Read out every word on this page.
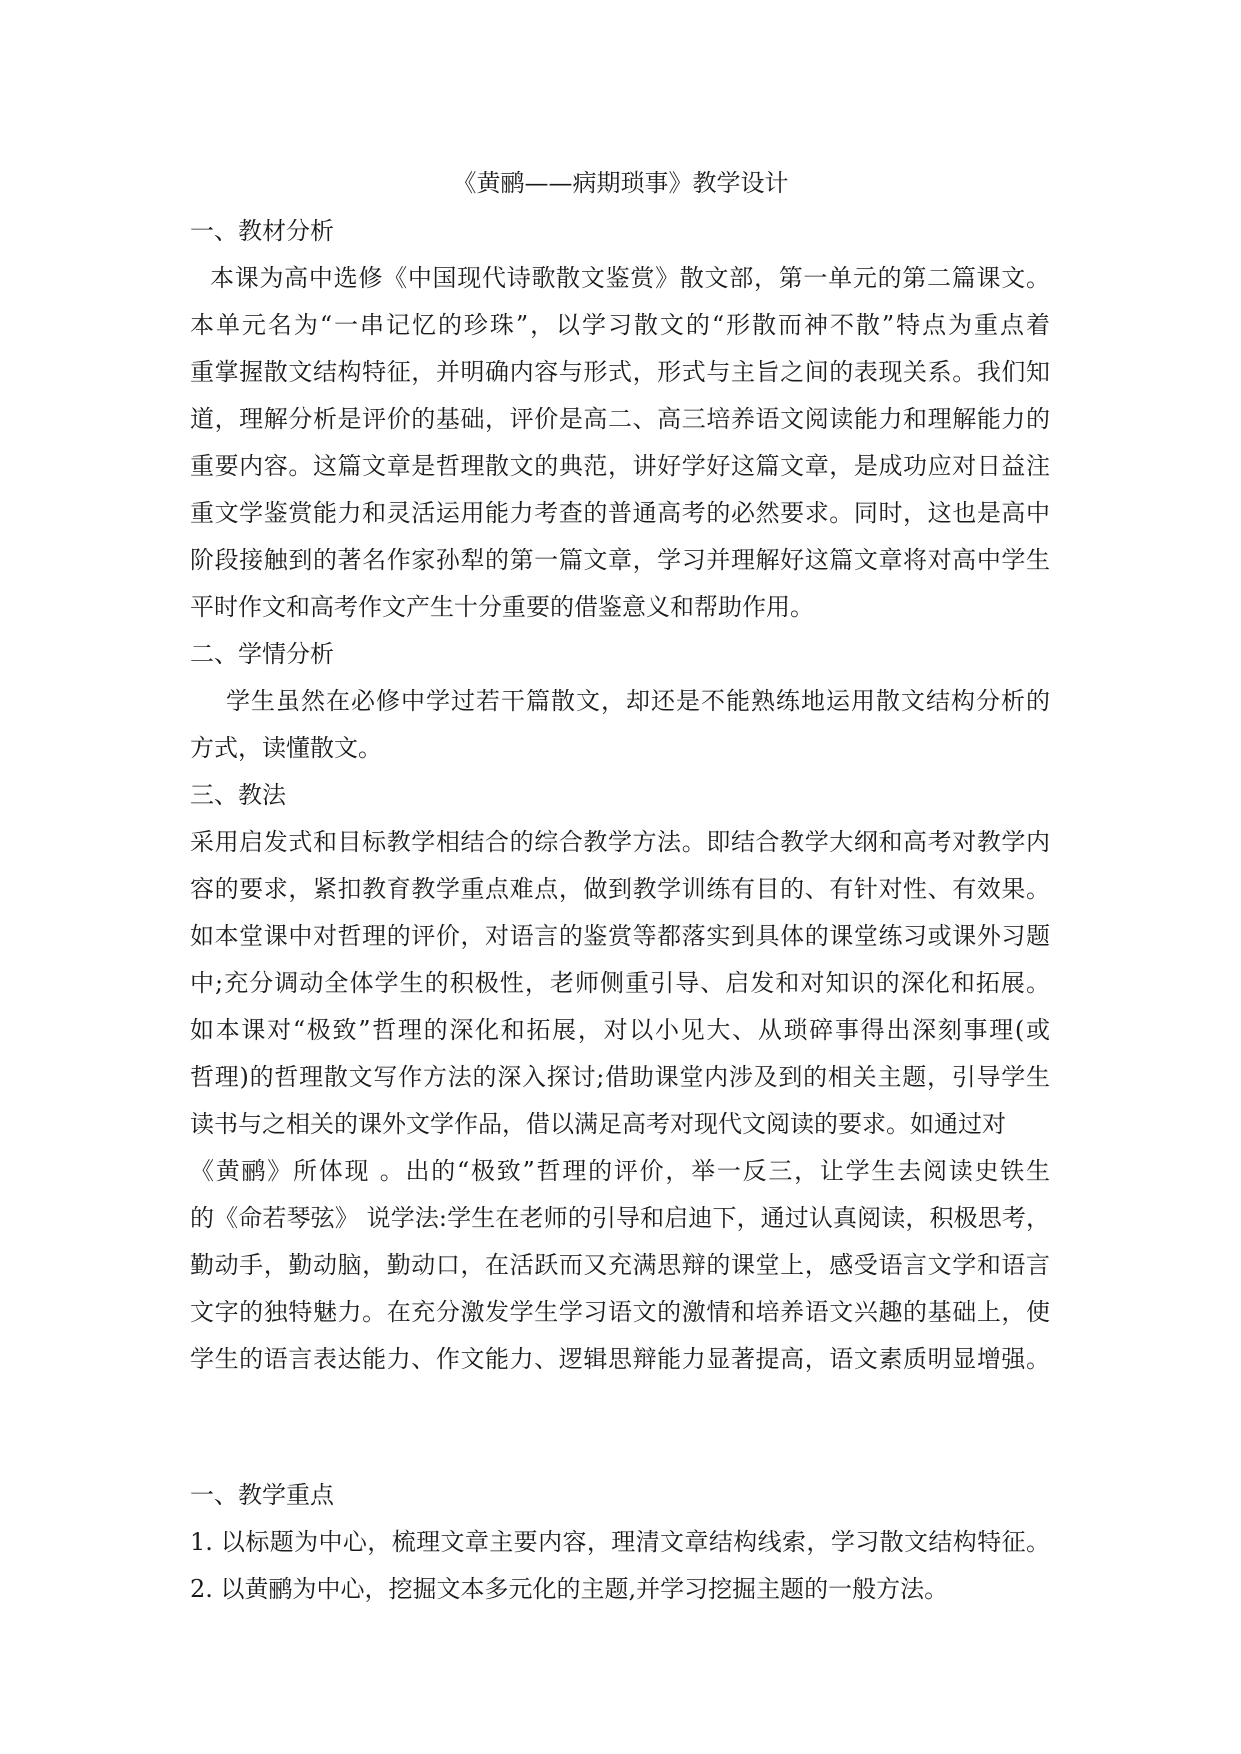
《黄鹂——病期琐事》教学设计
一、教材分析
本课为高中选修《中国现代诗歌散文鉴赏》散文部，第一单元的第二篇课文。
本单元名为“一串记忆的珍珠”，以学习散文的“形散而神不散”特点为重点着
重掌握散文结构特征，并明确内容与形式，形式与主旨之间的表现关系。我们知
道，理解分析是评价的基础，评价是高二、高三培养语文阅读能力和理解能力的
重要内容。这篇文章是哲理散文的典范，讲好学好这篇文章，是成功应对日益注
重文学鉴赏能力和灵活运用能力考查的普通高考的必然要求。同时，这也是高中
阶段接触到的著名作家孙犁的第一篇文章，学习并理解好这篇文章将对高中学生
平时作文和高考作文产生十分重要的借鉴意义和帮助作用。
二、学情分析
学生虽然在必修中学过若干篇散文，却还是不能熟练地运用散文结构分析的
方式，读懂散文。
三、教法
采用启发式和目标教学相结合的综合教学方法。即结合教学大纲和高考对教学内
容的要求，紧扣教育教学重点难点，做到教学训练有目的、有针对性、有效果。
如本堂课中对哲理的评价，对语言的鉴赏等都落实到具体的课堂练习或课外习题
中;充分调动全体学生的积极性，老师侧重引导、启发和对知识的深化和拓展。
如本课对“极致”哲理的深化和拓展，对以小见大、从琐碎事得出深刻事理(或
哲理)的哲理散文写作方法的深入探讨;借助课堂内涉及到的相关主题，引导学生
读书与之相关的课外文学作品，借以满足高考对现代文阅读的要求。如通过对
《黄鹂》所体现 。出的“极致”哲理的评价，举一反三，让学生去阅读史铁生
的《命若琴弦》 说学法:学生在老师的引导和启迪下，通过认真阅读，积极思考，
勤动手，勤动脑，勤动口，在活跃而又充满思辩的课堂上，感受语言文学和语言
文字的独特魅力。在充分激发学生学习语文的激情和培养语文兴趣的基础上，使
学生的语言表达能力、作文能力、逻辑思辩能力显著提高，语文素质明显增强。
一、教学重点
1. 以标题为中心，梳理文章主要内容，理清文章结构线索，学习散文结构特征。
2. 以黄鹂为中心，挖掘文本多元化的主题,并学习挖掘主题的一般方法。
